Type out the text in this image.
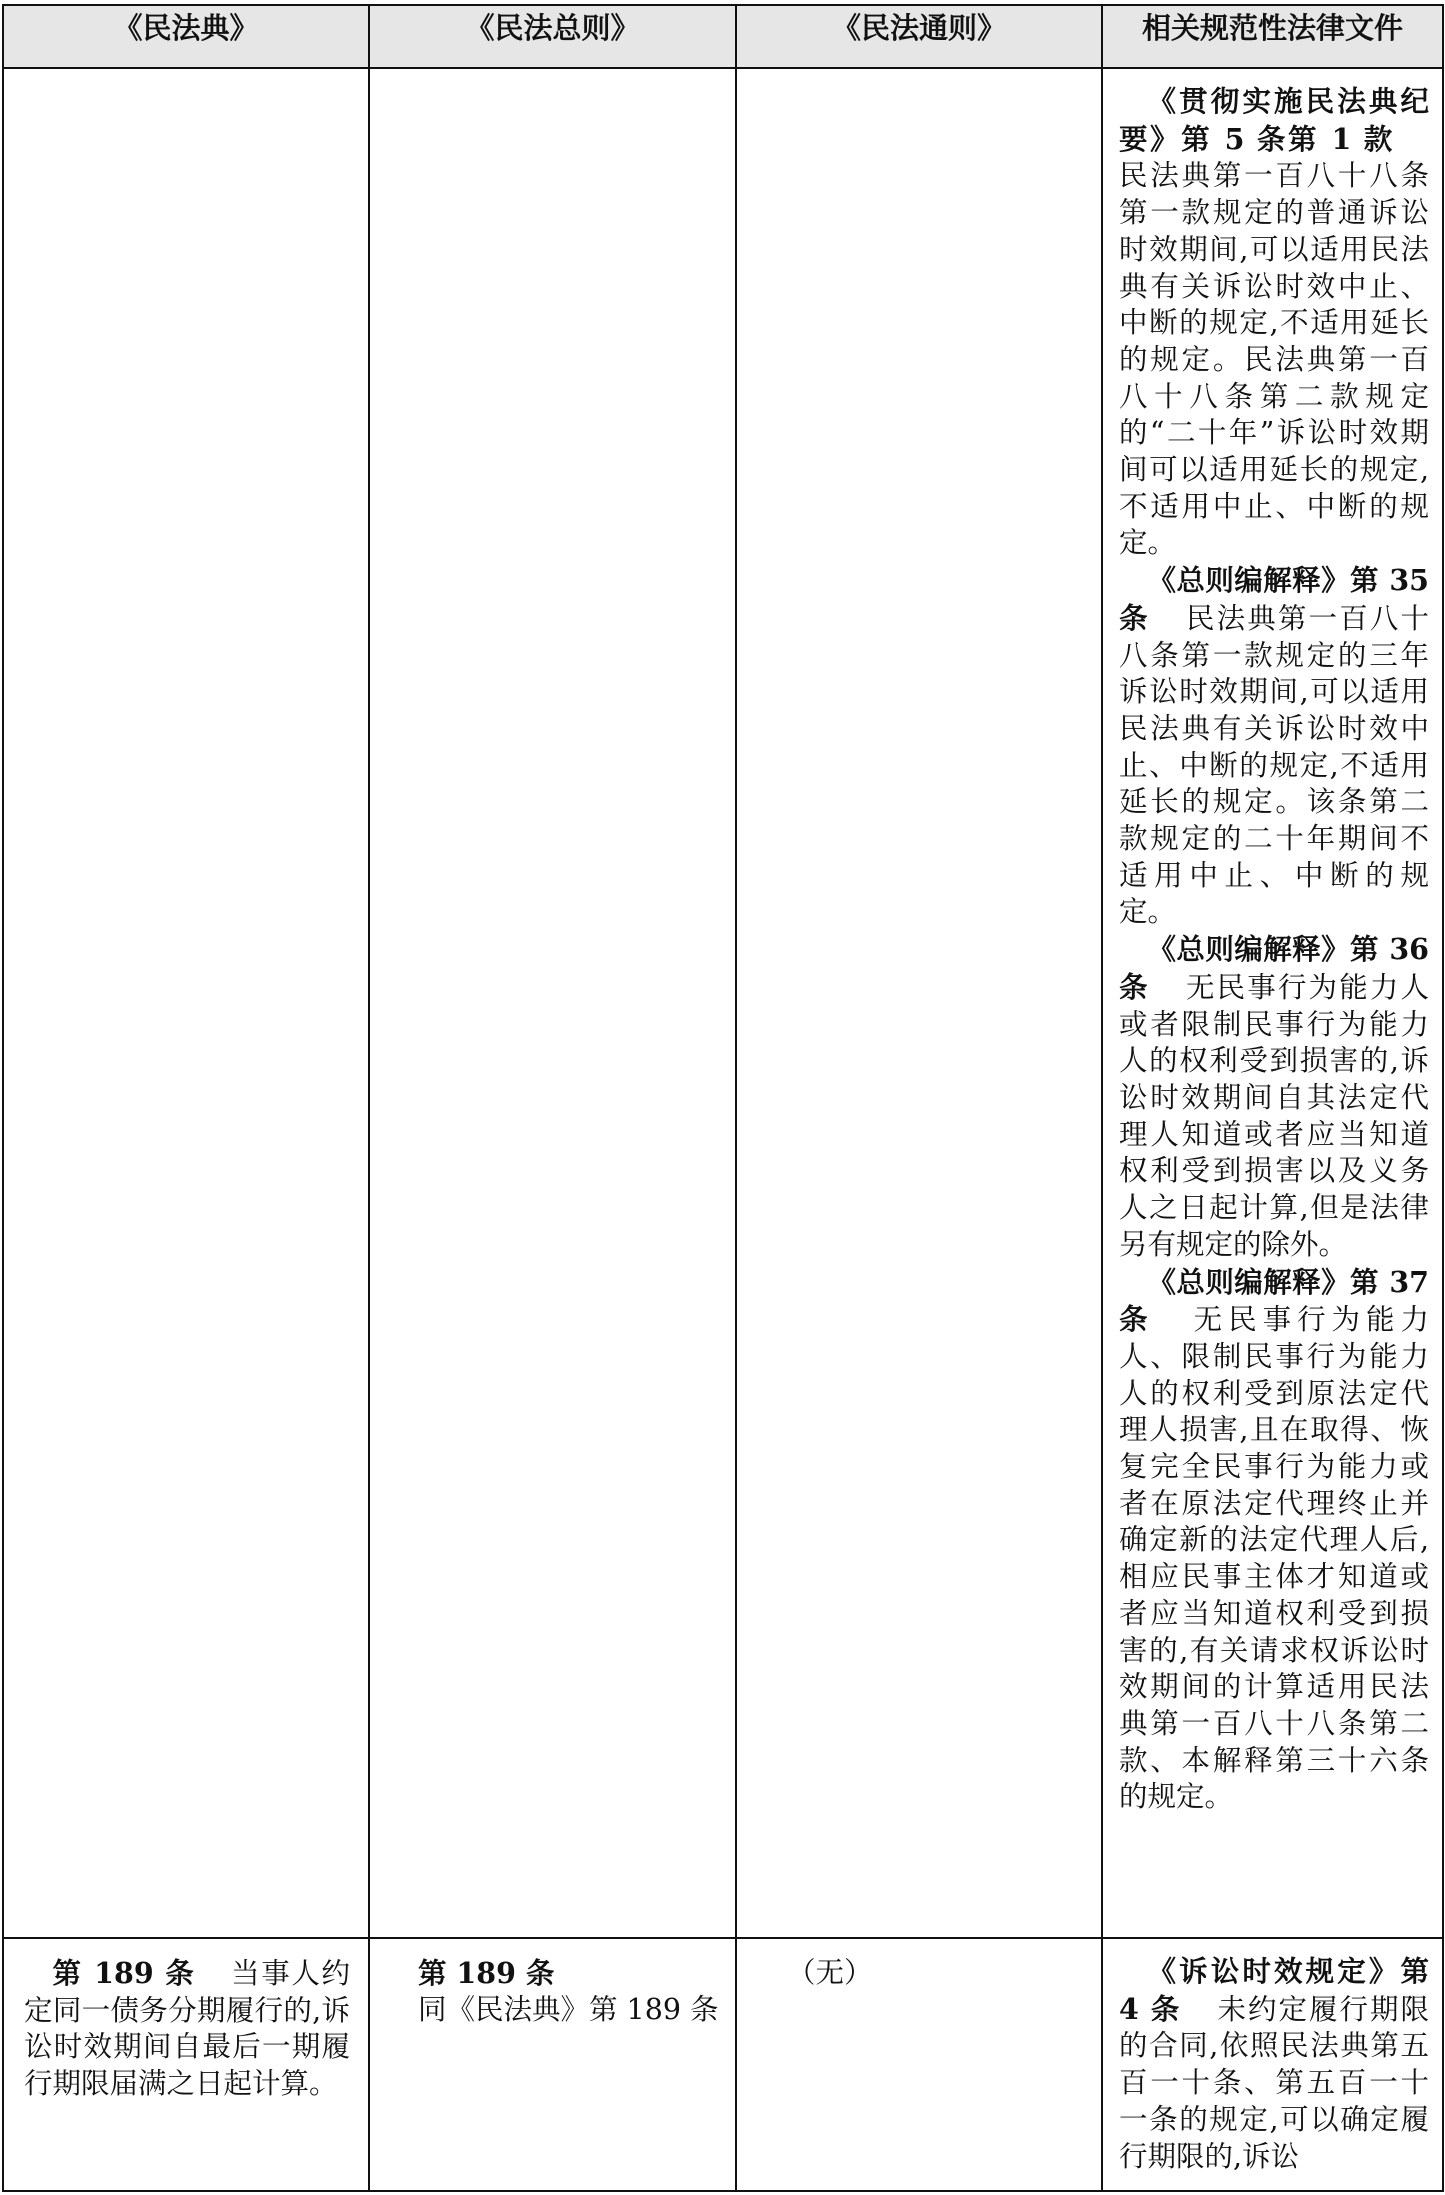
《民法典》	《民法总则》	《民法通则》	相关规范性法律文件

			《贯彻实施民法典纪要》第 5 条第 1 款民法典第一百八十八条第一款规定的普通诉讼时效期间,可以适用民法典有关诉讼时效中止、中断的规定,不适用延长的规定。民法典第一百八十八条第二款规定的“二十年”诉讼时效期间可以适用延长的规定,不适用中止、中断的规定。

《总则编解释》第 35 条 民法典第一百八十八条第一款规定的三年诉讼时效期间,可以适用民法典有关诉讼时效中止、中断的规定,不适用延长的规定。该条第二款规定的二十年期间不适用中止、中断的规定。

《总则编解释》第 36 条 无民事行为能力人或者限制民事行为能力人的权利受到损害的,诉讼时效期间自其法定代理人知道或者应当知道权利受到损害以及义务人之日起计算,但是法律另有规定的除外。

《总则编解释》第 37 条 无民事行为能力人、限制民事行为能力人的权利受到原法定代理人损害,且在取得、恢复完全民事行为能力或者在原法定代理终止并确定新的法定代理人后,相应民事主体才知道或者应当知道权利受到损害的,有关请求权诉讼时效期间的计算适用民法典第一百八十八条第二款、本解释第三十六条的规定。

第 189 条 当事人约定同一债务分期履行的,诉讼时效期间自最后一期履行期限届满之日起计算。	第 189 条
同《民法典》第 189 条	（无）	《诉讼时效规定》第 4 条 未约定履行期限的合同,依照民法典第五百一十条、第五百一十一条的规定,可以确定履行期限的,诉讼
